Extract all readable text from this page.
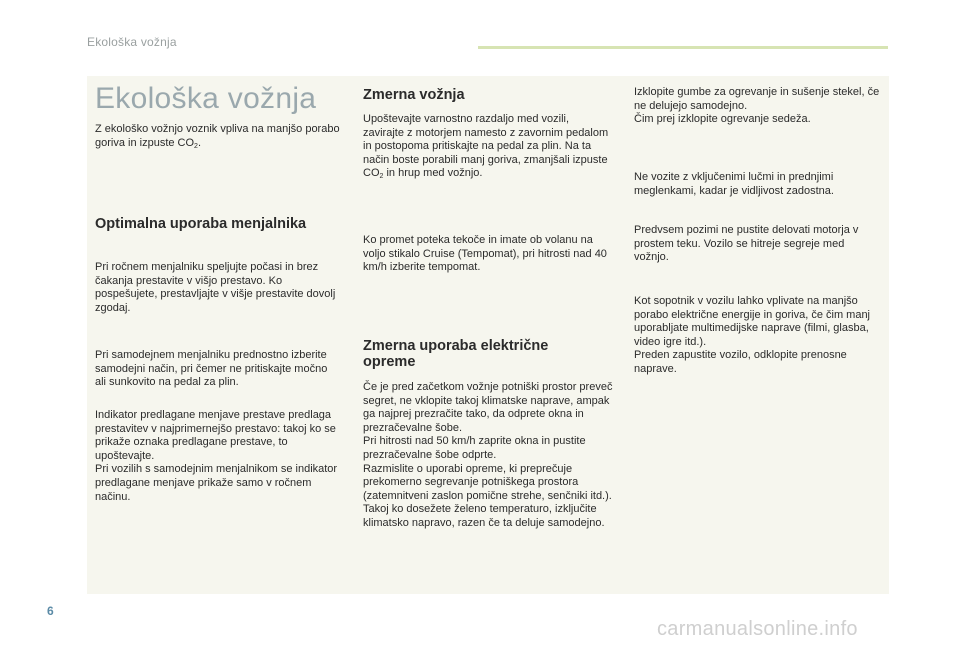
Ekološka vožnja
Ekološka vožnja

Z ekološko vožnjo voznik vpliva na manjšo porabo goriva in izpuste $CO_2$.

Optimalna uporaba menjalnika

Pri ročnem menjalniku speljujte počasi in brez čakanja prestavite v višjo prestavo. Ko pospešujete, prestavljajte v višje prestavite dovolj zgodaj.

Pri samodejnem menjalniku prednostno izberite samodejni način, pri čemer ne pritiskajte močno ali sunkovito na pedal za plin.

Indikator predlagane menjave prestave predlaga prestavitev v najprimernejšo prestavo: takoj ko se prikaže oznaka predlagane prestave, to upoštevajte.
Pri vozilih s samodejnim menjalnikom se indikator predlagane menjave prikaže samo v ročnem načinu.

Zmerna vožnja

Upoštevajte varnostno razdaljo med vozili, zavirajte z motorjem namesto z zavornim pedalom in postopoma pritiskajte na pedal za plin. Na ta način boste porabili manj goriva, zmanjšali izpuste $CO_2$ in hrup med vožnjo.

Ko promet poteka tekoče in imate ob volanu na voljo stikalo Cruise (Tempomat), pri hitrosti nad 40 km/h izberite tempomat.

Zmerna uporaba električne
opreme

Če je pred začetkom vožnje potniški prostor preveč segret, ne vklopite takoj klimatske naprave, ampak ga najprej prezračite tako, da odprete okna in prezračevalne šobe.
Pri hitrosti nad 50 km/h zaprite okna in pustite prezračevalne šobe odprte.
Razmislite o uporabi opreme, ki preprečuje prekomerno segrevanje potniškega prostora (zatemnitveni zaslon pomične strehe, senčniki itd.).
Takoj ko dosežete želeno temperaturo, izključite klimatsko napravo, razen če ta deluje samodejno.

Izklopite gumbe za ogrevanje in sušenje stekel, če ne delujejo samodejno.
Čim prej izklopite ogrevanje sedeža.

Ne vozite z vključenimi lučmi in prednjimi meglenkami, kadar je vidljivost zadostna.

Predvsem pozimi ne pustite delovati motorja v prostem teku. Vozilo se hitreje segreje med vožnjo.

Kot sopotnik v vozilu lahko vplivate na manjšo porabo električne energije in goriva, če čim manj uporabljate multimedijske naprave (filmi, glasba, video igre itd.).
Preden zapustite vozilo, odklopite prenosne naprave.

6
carmanualsonline.info
